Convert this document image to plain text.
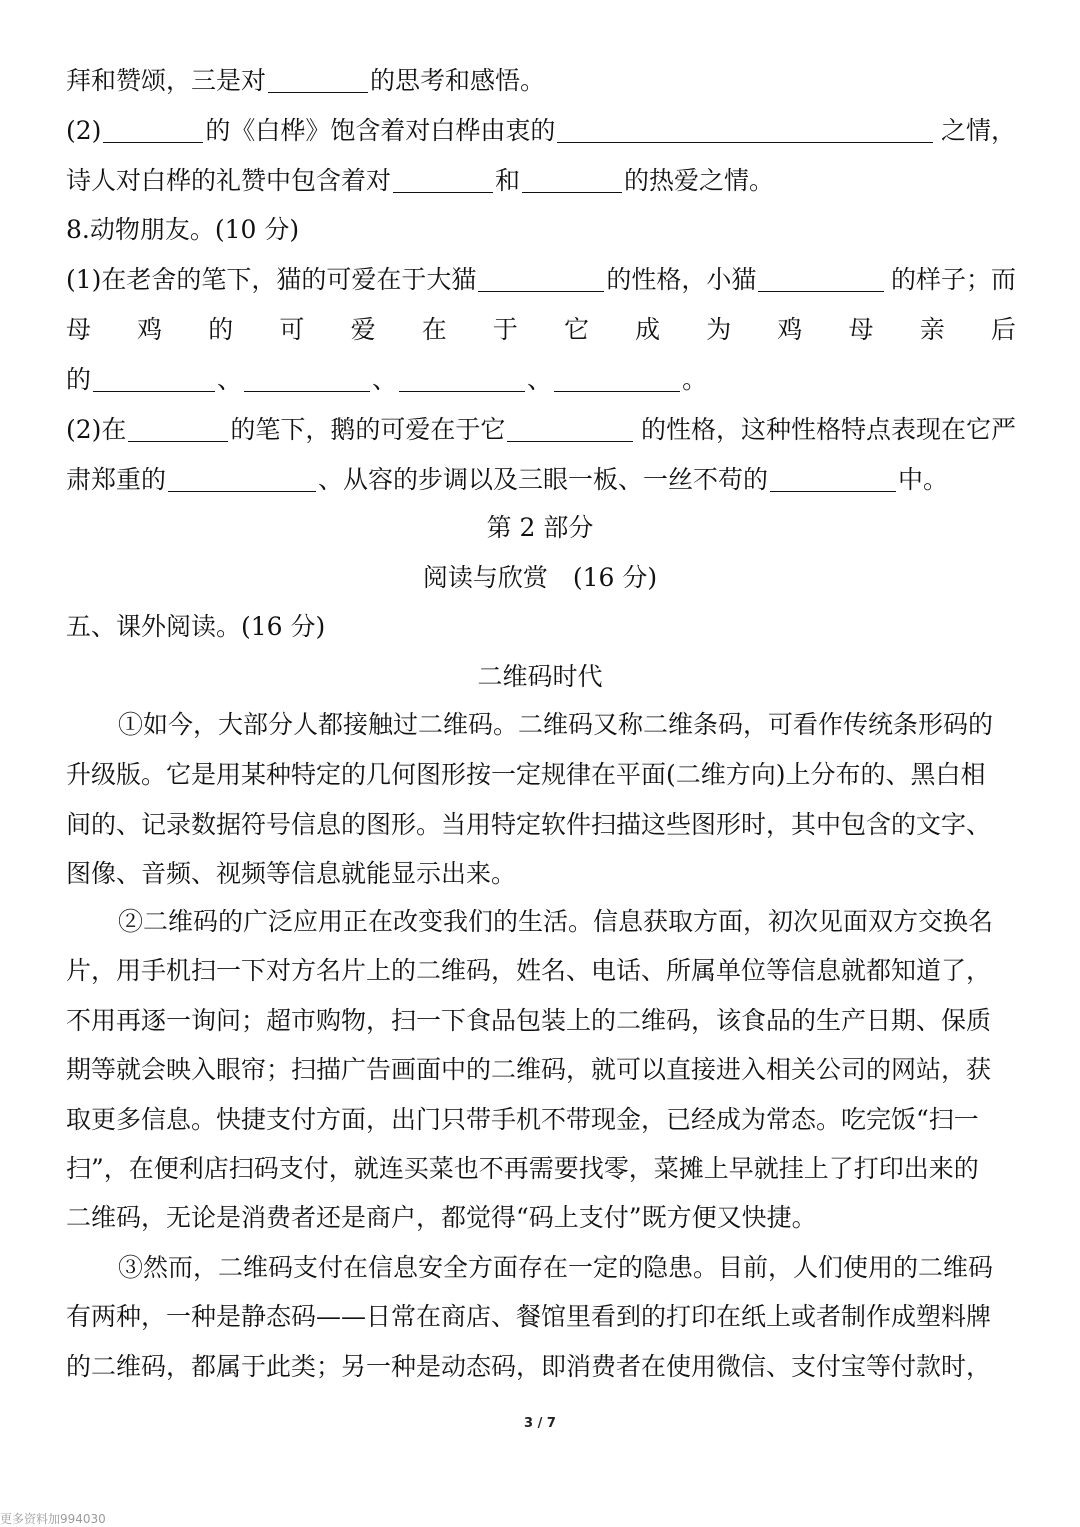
拜和赞颂，三是对	的思考和感悟。
(2)	的《白桦》饱含着对白桦由衷的	之情，
诗人对白桦的礼赞中包含着对	和	的热爱之情。
8.动物朋友。(10 分)
(1)在老舍的笔下，猫的可爱在于大猫	的性格，小猫	的样子；而
母 鸡 的 可 爱 在 于 它 成 为 鸡 母 亲 后
的	、	、	、	。
(2)在	的笔下，鹅的可爱在于它	的性格，这种性格特点表现在它严
肃郑重的	、从容的步调以及三眼一板、一丝不苟的	中。
第 2 部分
阅读与欣赏　(16 分)
五、课外阅读。(16 分)
二维码时代
①如今，大部分人都接触过二维码。二维码又称二维条码，可看作传统条形码的
升级版。它是用某种特定的几何图形按一定规律在平面(二维方向)上分布的、黑白相
间的、记录数据符号信息的图形。当用特定软件扫描这些图形时，其中包含的文字、
图像、音频、视频等信息就能显示出来。
②二维码的广泛应用正在改变我们的生活。信息获取方面，初次见面双方交换名
片，用手机扫一下对方名片上的二维码，姓名、电话、所属单位等信息就都知道了，
不用再逐一询问；超市购物，扫一下食品包装上的二维码，该食品的生产日期、保质
期等就会映入眼帘；扫描广告画面中的二维码，就可以直接进入相关公司的网站，获
取更多信息。快捷支付方面，出门只带手机不带现金，已经成为常态。吃完饭“扫一
扫”，在便利店扫码支付，就连买菜也不再需要找零，菜摊上早就挂上了打印出来的
二维码，无论是消费者还是商户，都觉得“码上支付”既方便又快捷。
③然而，二维码支付在信息安全方面存在一定的隐患。目前，人们使用的二维码
有两种，一种是静态码——日常在商店、餐馆里看到的打印在纸上或者制作成塑料牌
的二维码，都属于此类；另一种是动态码，即消费者在使用微信、支付宝等付款时，
3 / 7
更多资料加994030
